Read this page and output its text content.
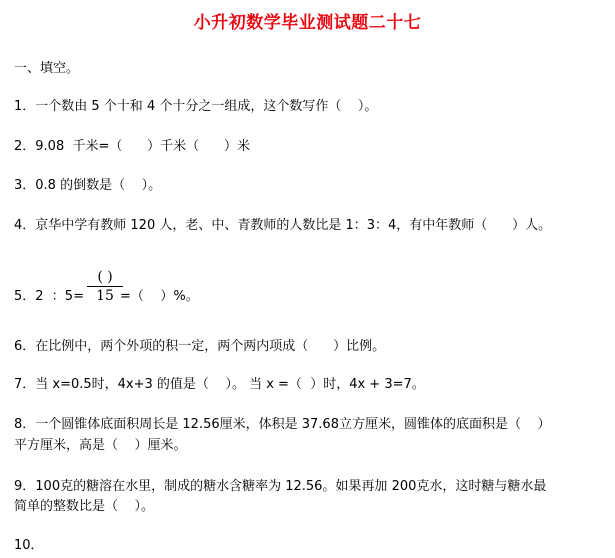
小升初数学毕业测试题二十七
一、填空。
1．一个数由 5 个十和 4 个十分之一组成，这个数写作（    ）。
2．9.08  千米=（      ）千米（      ）米
3．0.8 的倒数是（    ）。
4．京华中学有教师 120 人，老、中、青教师的人数比是 1：3：4，有中年教师（      ）人。
5．2  ：5=
( )
15 =（    ）%。
6．在比例中，两个外项的积一定，两个两内项成（      ）比例。
7．当 x=0.5时，4x+3 的值是（    ）。 当 x =（  ）时，4x + 3=7。
8．一个圆锥体底面积周长是 12.56厘米，体积是 37.68立方厘米，圆锥体的底面积是（    ）
平方厘米，高是（    ）厘米。
9．100克的糖溶在水里，制成的糖水含糖率为 12.56。如果再加 200克水，这时糖与糖水最
简单的整数比是（    ）。
10．
